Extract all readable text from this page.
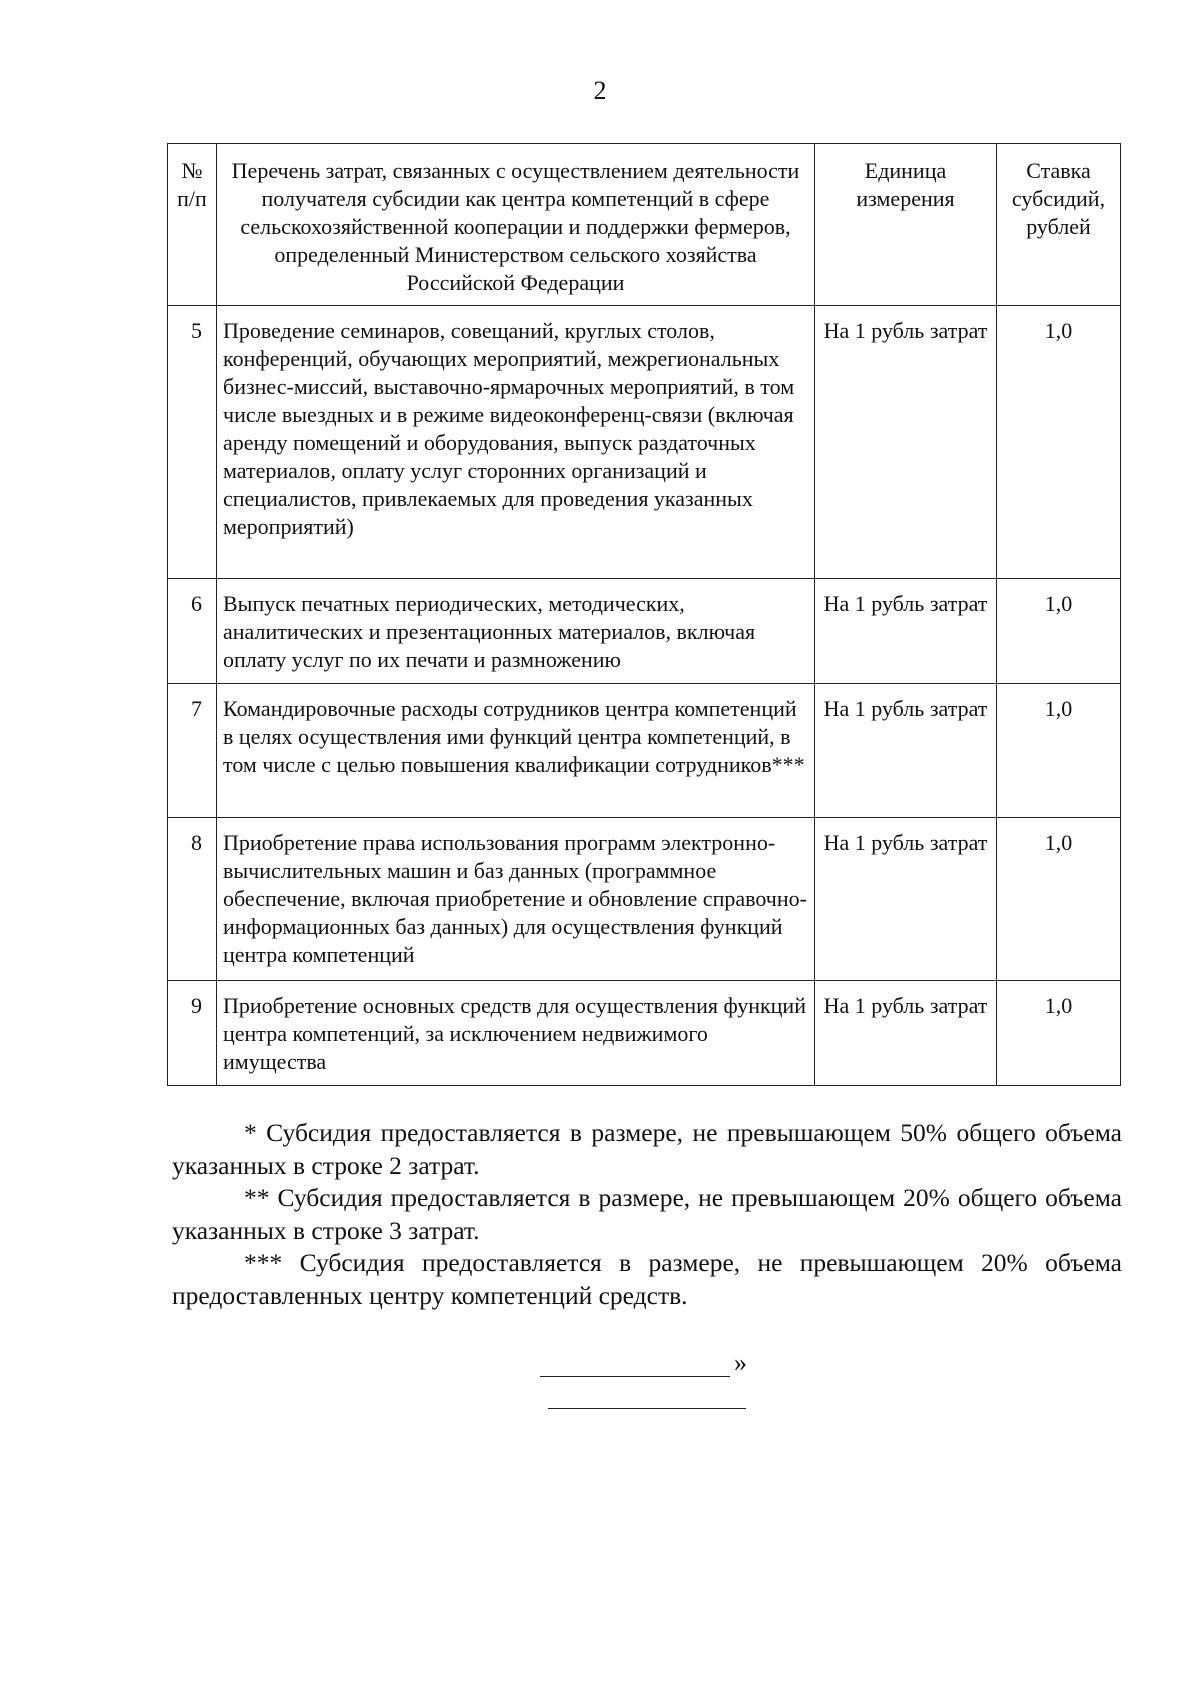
2
№ п/п	Перечень затрат, связанных с осуществлением деятельности получателя субсидии как центра компетенций в сфере сельскохозяйственной кооперации и поддержки фермеров, определенный Министерством сельского хозяйства Российской Федерации	Единица измерения	Ставка субсидий, рублей
5	Проведение семинаров, совещаний, круглых столов, конференций, обучающих мероприятий, межрегиональных бизнес-миссий, выставочно-ярмарочных мероприятий, в том числе выездных и в режиме видеоконференц-связи (включая аренду помещений и оборудования, выпуск раздаточных материалов, оплату услуг сторонних организаций и специалистов, привлекаемых для проведения указанных мероприятий)	На 1 рубль затрат	1,0
6	Выпуск печатных периодических, методических, аналитических и презентационных материалов, включая оплату услуг по их печати и размножению	На 1 рубль затрат	1,0
7	Командировочные расходы сотрудников центра компетенций в целях осуществления ими функций центра компетенций, в том числе с целью повышения квалификации сотрудников***	На 1 рубль затрат	1,0
8	Приобретение права использования программ электронно-вычислительных машин и баз данных (программное обеспечение, включая приобретение и обновление справочно-информационных баз данных) для осуществления функций центра компетенций	На 1 рубль затрат	1,0
9	Приобретение основных средств для осуществления функций центра компетенций, за исключением недвижимого имущества	На 1 рубль затрат	1,0

* Субсидия предоставляется в размере, не превышающем 50% общего объема указанных в строке 2 затрат.

** Субсидия предоставляется в размере, не превышающем 20% общего объема указанных в строке 3 затрат.

*** Субсидия предоставляется в размере, не превышающем 20% объема предоставленных центру компетенций средств.

»
